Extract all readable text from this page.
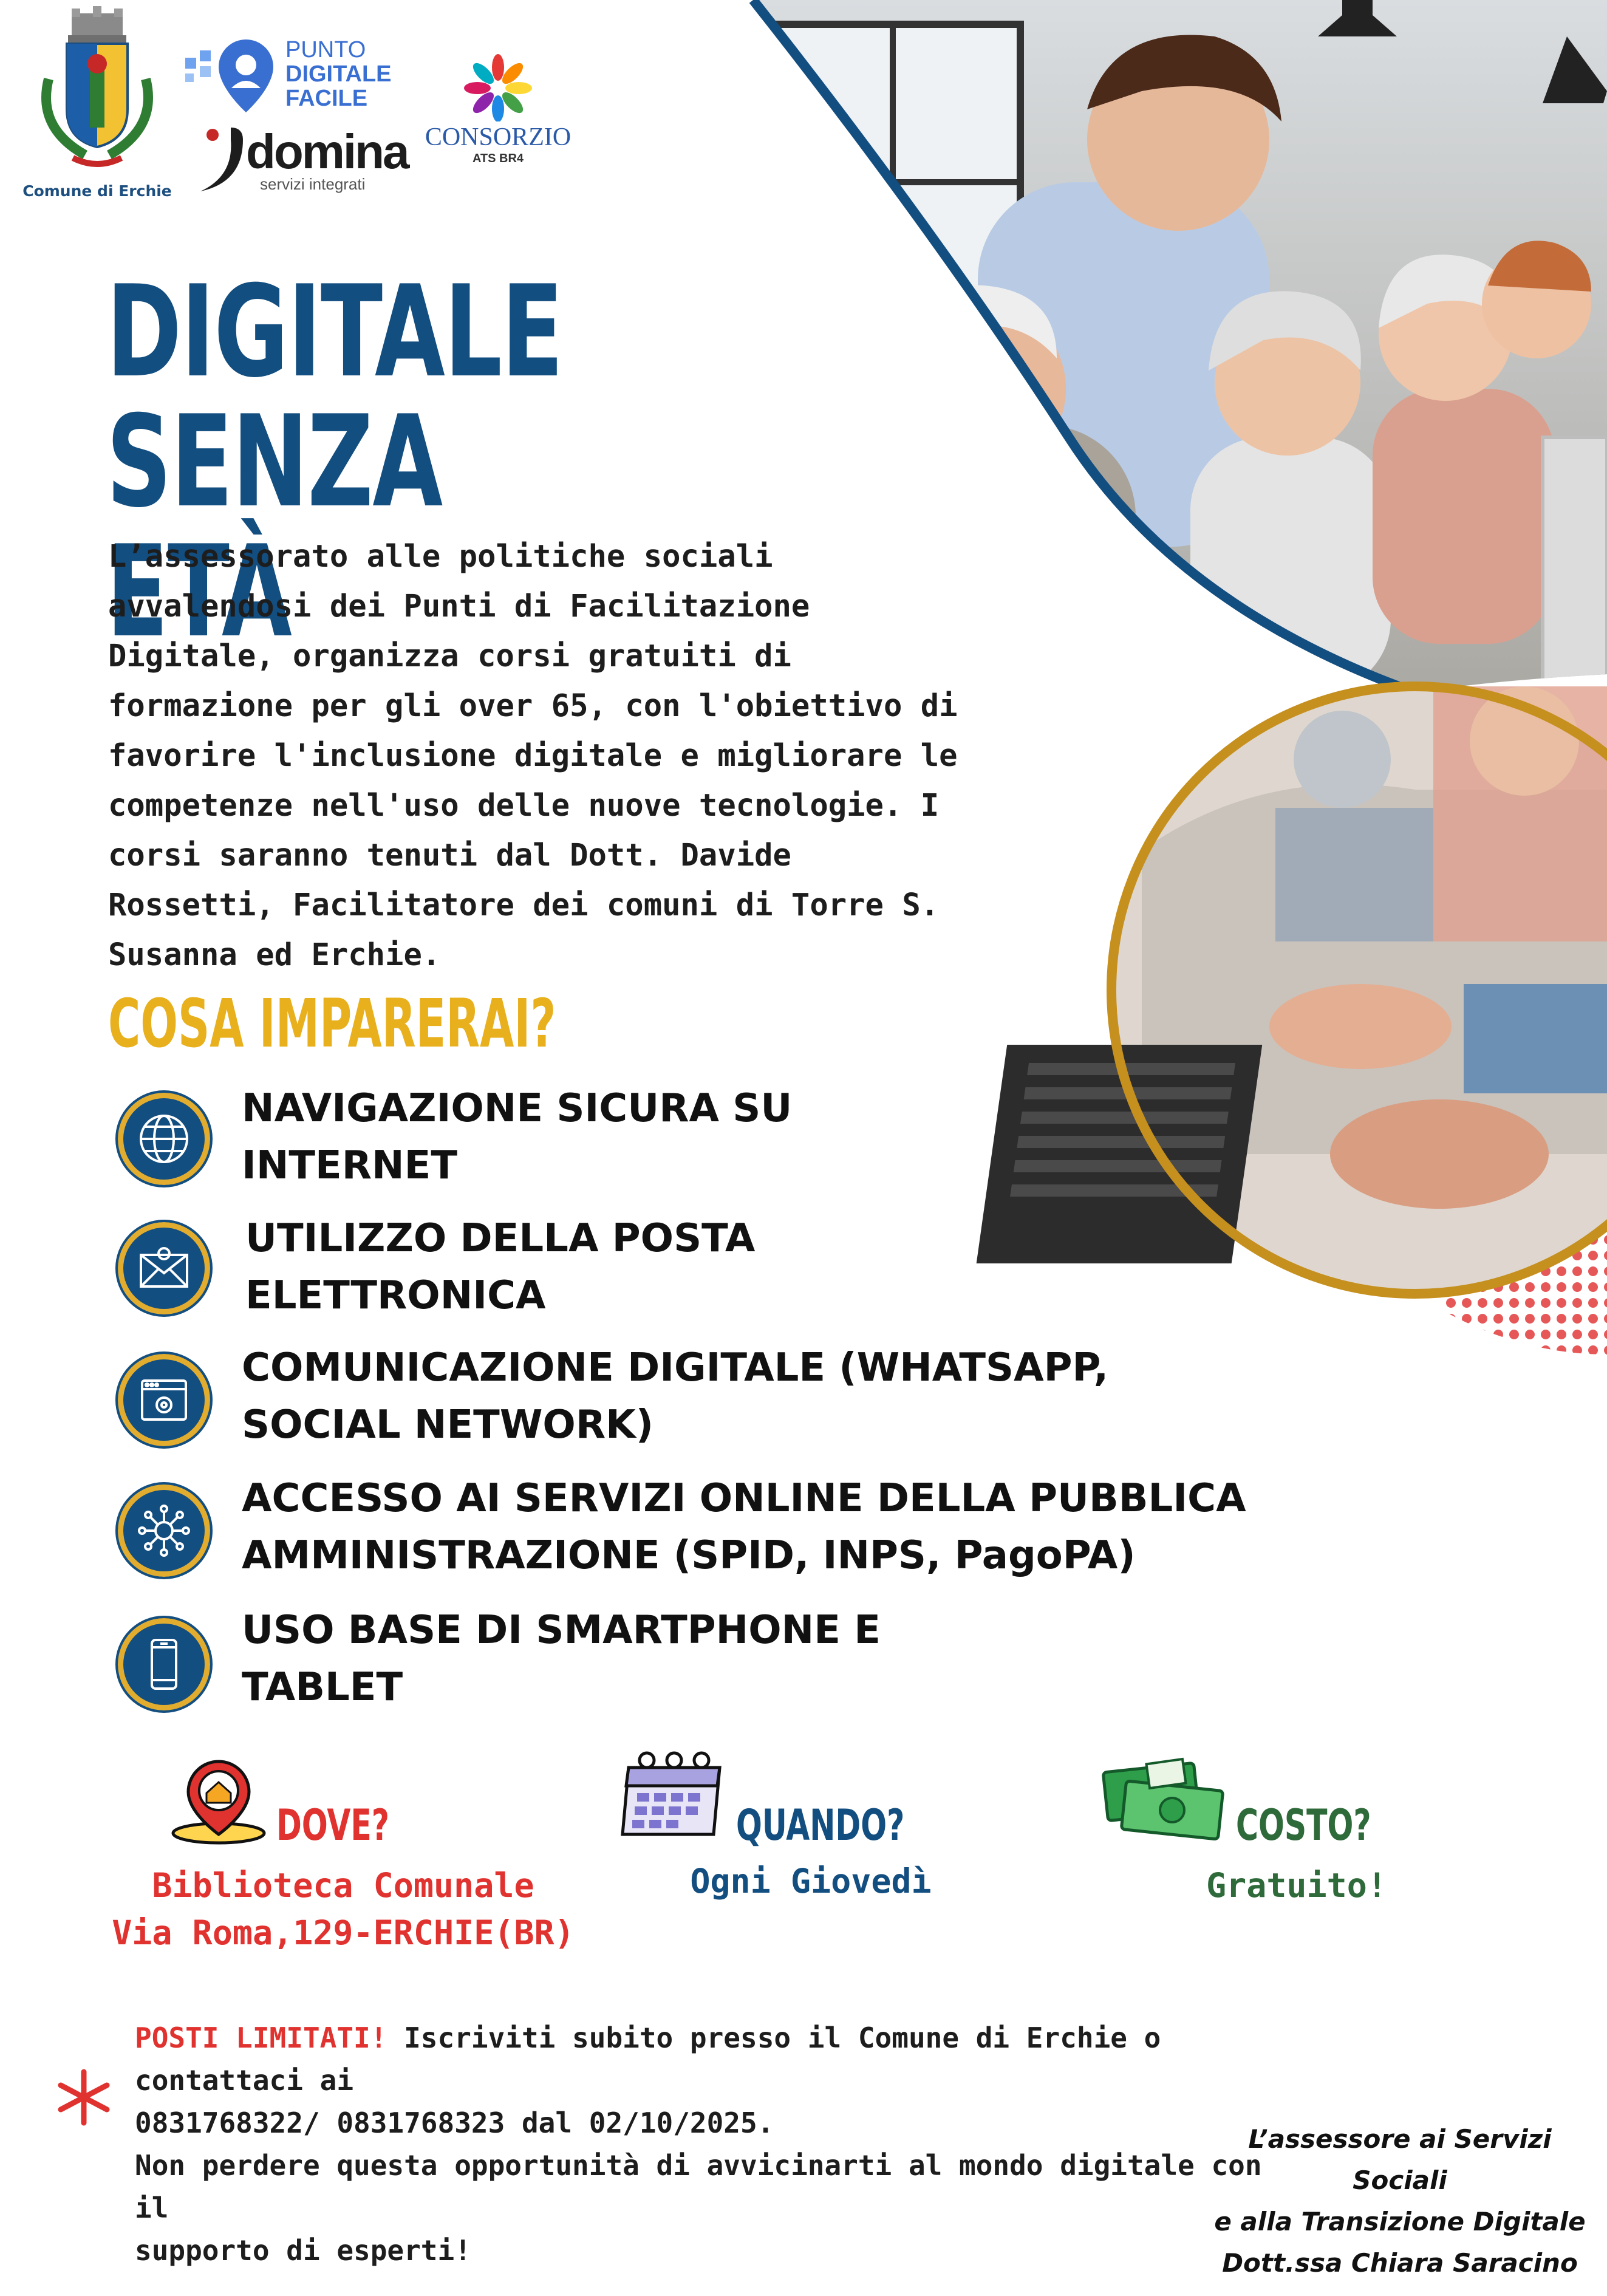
Comune di Erchie
PUNTO
DIGITALE
FACILE
domina
servizi integrati
CONSORZIO
ATS BR4
DIGITALE
SENZA ETÀ
L’assessorato alle politiche sociali
avvalendosi dei Punti di Facilitazione
Digitale, organizza corsi gratuiti di
formazione per gli over 65, con l'obiettivo di
favorire l'inclusione digitale e migliorare le
competenze nell'uso delle nuove tecnologie. I
corsi saranno tenuti dal Dott. Davide
Rossetti, Facilitatore dei comuni di Torre S.
Susanna ed Erchie.
COSA IMPARERAI?
NAVIGAZIONE SICURA SU
INTERNET
UTILIZZO DELLA POSTA
ELETTRONICA
COMUNICAZIONE DIGITALE (WHATSAPP,
SOCIAL NETWORK)
ACCESSO AI SERVIZI ONLINE DELLA PUBBLICA
AMMINISTRAZIONE (SPID, INPS, PagoPA)
USO BASE DI SMARTPHONE E
TABLET
DOVE?
Biblioteca Comunale
Via Roma,129-ERCHIE(BR)
QUANDO?
Ogni Giovedì
COSTO?
Gratuito!
POSTI LIMITATI! Iscriviti subito presso il Comune di Erchie o contattaci ai
0831768322/ 0831768323 dal 02/10/2025.
Non perdere questa opportunità di avvicinarti al mondo digitale con il
supporto di esperti!
L’assessore ai Servizi Sociali
e alla Transizione Digitale
Dott.ssa Chiara Saracino
